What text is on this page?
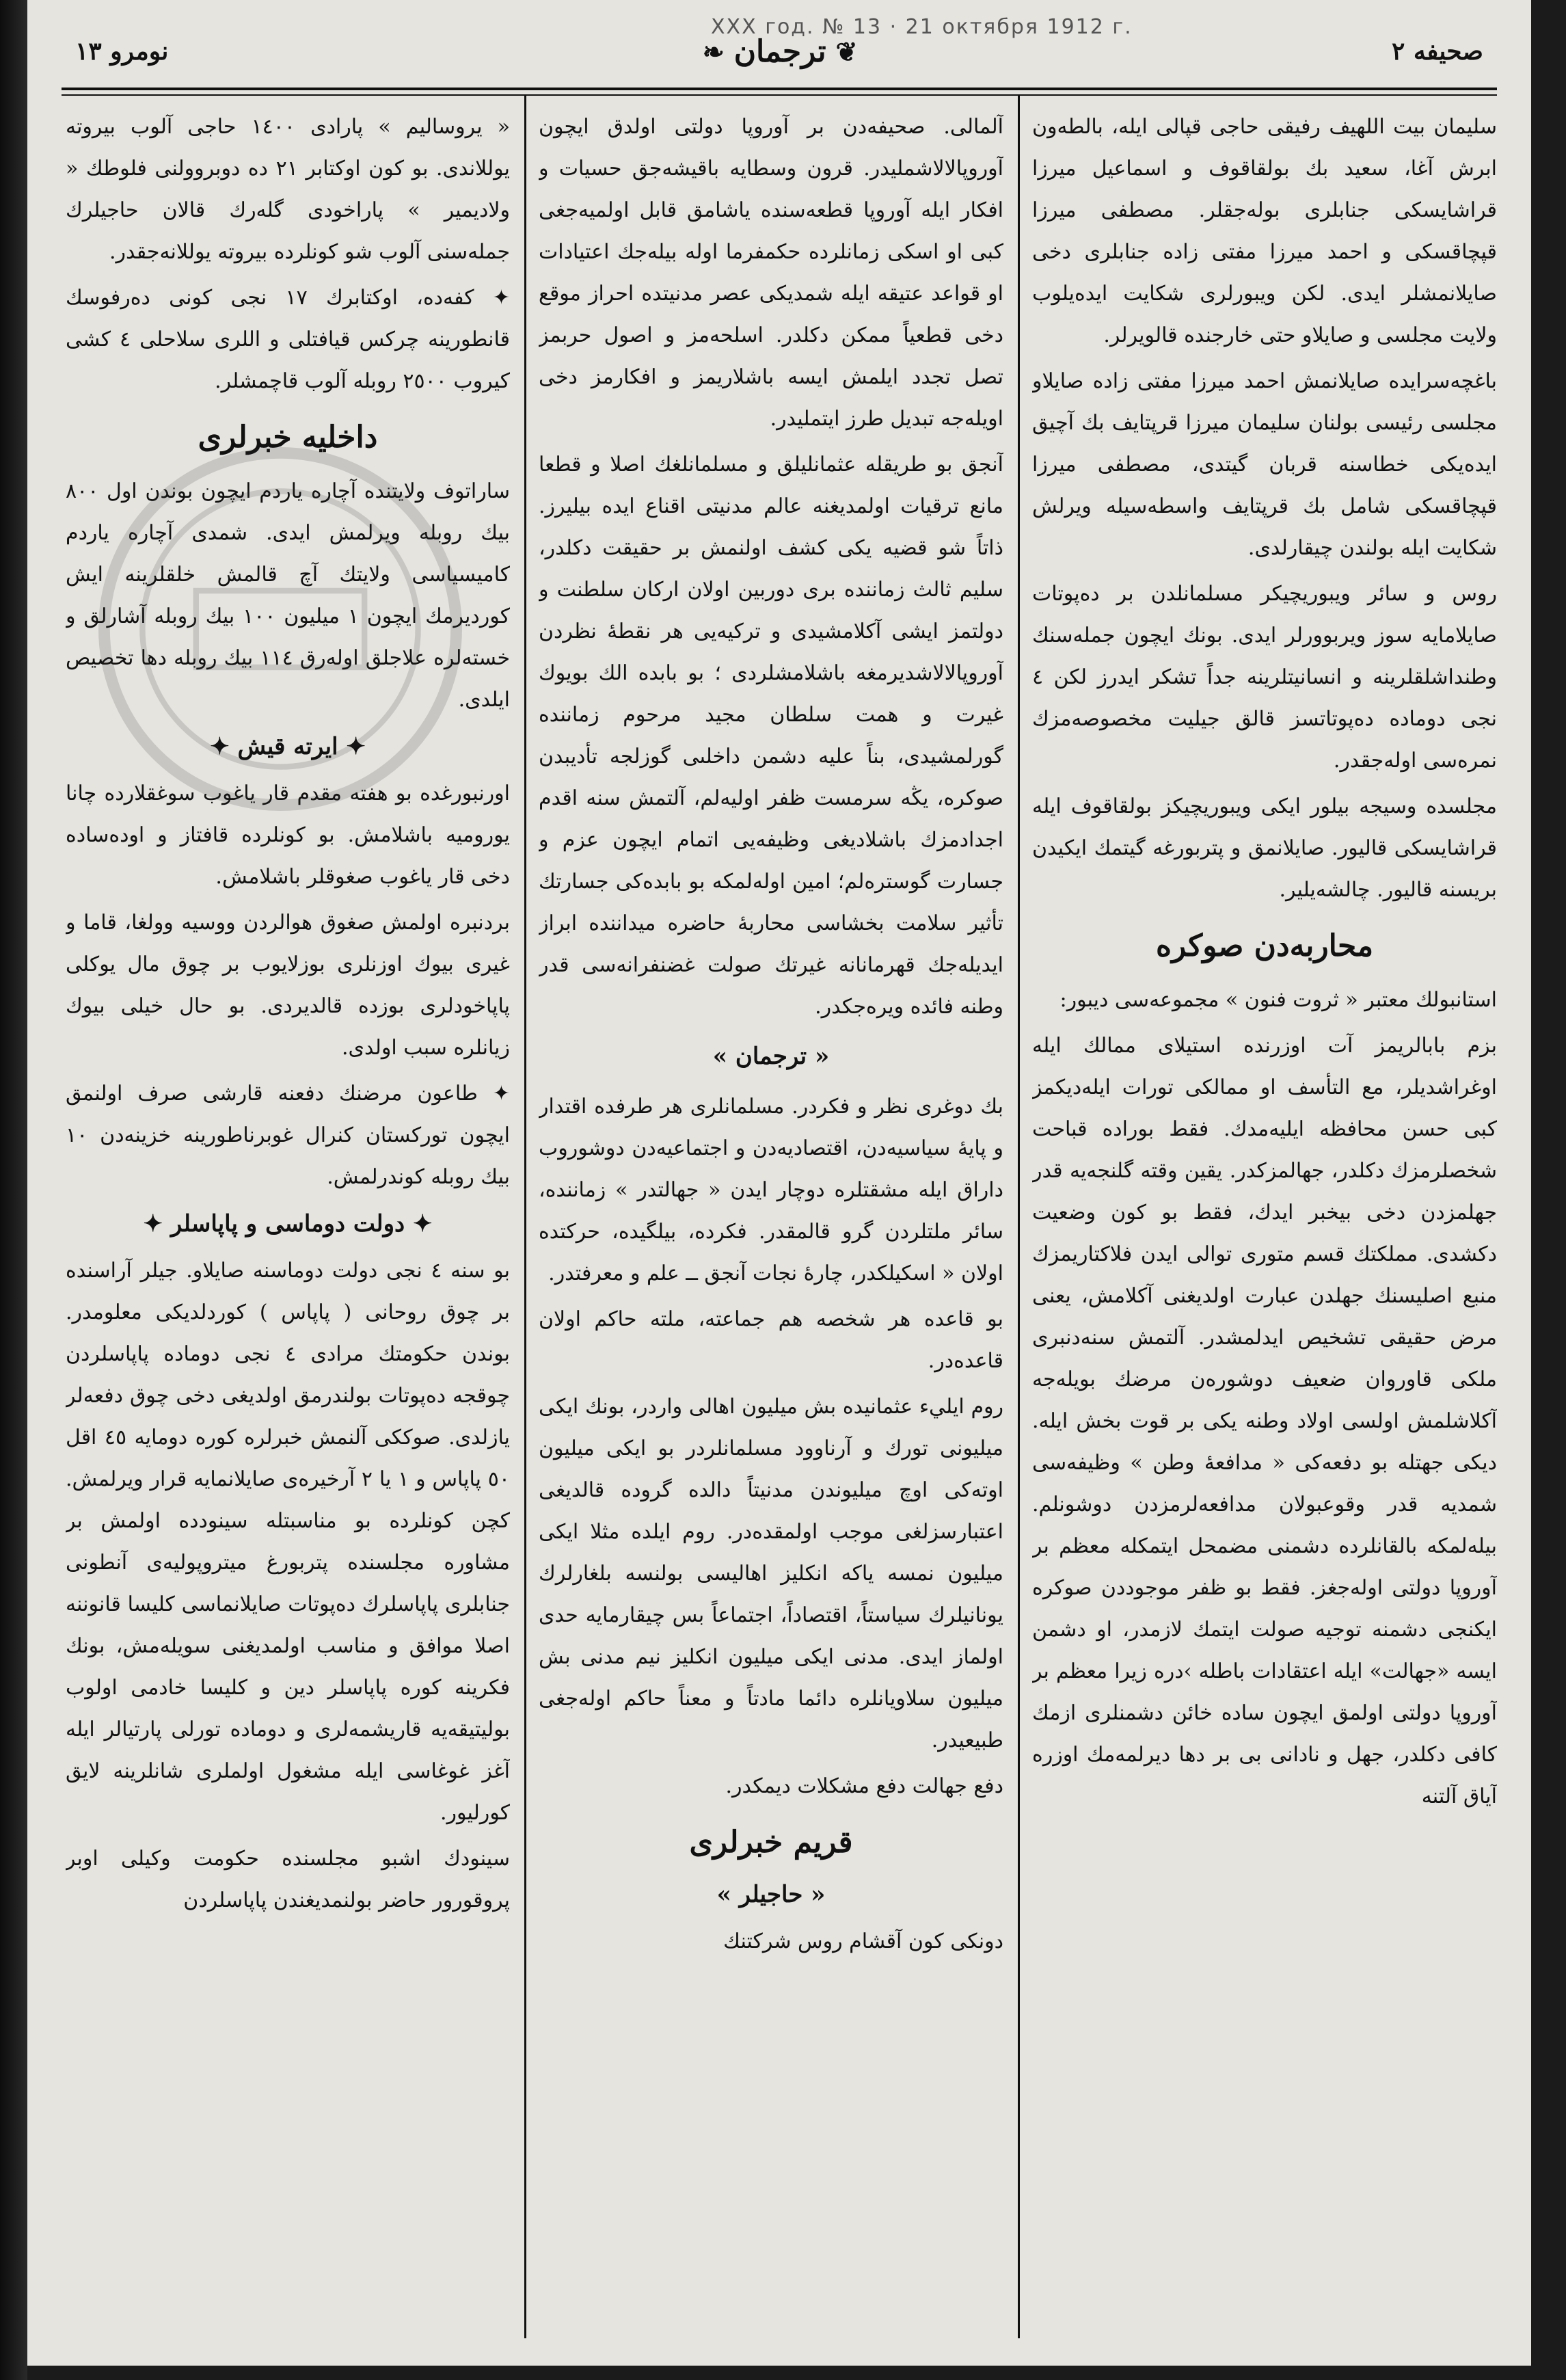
صحيفه ۲
❦
ترجمان
❧
نومرو ١٣
XXX год. № 13 · 21 октября 1912 г.
سليمان بيت اللهيف رفيقى حاجى قپالى ايله، بالطەون ابرش آغا، سعيد بك بولقاقوف و اسماعيل ميرزا قراشايسكى جنابلرى بولەجقلر. مصطفى ميرزا قپچاقسكى و احمد ميرزا مفتى زاده جنابلرى دخى صايلانمشلر ايدى. لكن ويبورلرى شكايت ايدەيلوب ولايت مجلسى و صايلاو حتى خارجندە قالويرلر.
باغچەسرايدە صايلانمش احمد ميرزا مفتى زاده صايلاو مجلسى رئيسى بولنان سليمان ميرزا قرپتايف بك آچيق ايدەيكى خطاسنە قربان گيتدى، مصطفى ميرزا قپچاقسكى شامل بك قرپتايف واسطەسيلە ويرلش شكايت ايلە بولندن چيقارلدى.
روس و سائر ويبوريچيكر مسلمانلدن بر دەپوتات صايلامايە سوز ويربوورلر ايدى. بونك ايچون جملەسنك وطنداشلقلرينە و انسانيتلرينە جداً تشكر ايدرز لكن ٤ نجى دومادە دەپوتاتسز قالق جيليت مخصوصەمزك نمرەسى اولەجقدر.
مجلسدە وسيجە بيلور ايكى ويبوريچيكز بولقاقوف ايلە قراشايسكى قاليور. صايلانمق و پتربورغە گيتمك ايكيدن بريسنە قاليور. چالشەيلير.
محاربەدن صوكره
استانبولك معتبر « ثروت فنون » مجموعەسى ديبور:
بزم بابالريمز آت اوزرندە استيلاى ممالك ايلە اوغراشديلر، مع التأسف او ممالكى تورات ايلەديكمز كبى حسن محافظە ايليەمدك. فقط بوراده قباحت شخصلرمزك دكلدر، جهالمزكدر. يقين وقتە گلنجەيە قدر جهلمزدن دخى بيخبر ايدك، فقط بو كون وضعيت دكشدى. مملكتك قسم متورى توالى ايدن فلاكتاريمزك منبع اصليسنك جهلدن عبارت اولديغنى آكلامش، يعنى مرض حقيقى تشخيص ايدلمشدر. آلتمش سنەدنبرى ملكى قاوروان ضعيف دوشورەن مرضك بويلەجە آكلاشلمش اولسى اولاد وطنە يكى بر قوت بخش ايلە. ديكى جهتلە بو دفعەكى « مدافعۀ وطن » وظيفەسى شمديە قدر وقوعبولان مدافعەلرمزدن دوشونلم. بيلەلمكە بالقانلردە دشمنى مضمحل ايتمكلە معظم بر آوروپا دولتى اولەجغز. فقط بو ظفر موجوددن صوكره ايكنجى دشمنە توجيە صولت ايتمك لازمدر، او دشمن ايسە «جهالت» ايلە اعتقادات باطلە ›درە زيرا معظم بر آوروپا دولتى اولمق ايچون سادە خائن دشمنلرى ازمك كافى دكلدر، جهل و نادانى بى بر دها ديرلمەمك اوزرە آياق آلتنە
آلمالى. صحيفەدن بر آوروپا دولتى اولدق ايچون آوروپالالاشمليدر. قرون وسطايە باقيشەجق حسيات و افكار ايلە آوروپا قطعەسندە ياشامق قابل اولميەجغى كبى او اسكى زمانلردە حكمفرما اولە بيلەجك اعتيادات او قواعد عتيقە ايلە شمديكى عصر مدنيتدە احراز موقع دخى قطعياً ممكن دكلدر. اسلحەمز و اصول حربمز تصل تجدد ايلمش ايسە باشلاريمز و افكارمز دخى اويلەجە تبديل طرز ايتمليدر.
آنجق بو طريقلە عثمانليلق و مسلمانلغك اصلا و قطعا مانع ترقيات اولمديغنە عالم مدنيتى اقناع ايدە بيليرز. ذاتاً شو قضيە يكى كشف اولنمش بر حقيقت دكلدر، سليم ثالث زماننده برى دوربين اولان اركان سلطنت و دولتمز ايشى آكلامشيدى و تركيەيى هر نقطۀ نظردن آوروپالالاشديرمغە باشلامشلردى ؛ بو بابدە الك بويوك غيرت و همت سلطان مجيد مرحوم زماننده گورلمشيدى، بناً عليە دشمن داخلىى گوزلجە تأديبدن صوكره، يڭە سرمست ظفر اوليەلم، آلتمش سنە اقدم اجدادمزك باشلاديغى وظيفەيى اتمام ايچون عزم و جسارت گوسترەلم؛ امين اولەلمكە بو بابدەكى جسارتك تأثير سلامت بخشاسى محاربۀ حاضره ميداننده ابراز ايديلەجك قهرمانانە غيرتك صولت غضنفرانەسى قدر وطنە فائدە ويرەجكدر.
« ترجمان »
بك دوغرى نظر و فكردر. مسلمانلرى هر طرفدە اقتدار و پايۀ سياسيەدن، اقتصاديەدن و اجتماعيەدن دوشوروب داراق ايلە مشقتلرە دوچار ايدن « جهالتدر » زماننده، سائر ملتلردن گرو قالمقدر. فكردە، بيلگيدە، حرکتدە اولان « اسكيلكدر، چارۀ نجات آنجق ــ علم و معرفتدر.
بو قاعدە هر شخصە هم جماعتە، ملتە حاكم اولان قاعدەدر.
روم ايليء عثمانيدە بش ميليون اهالى واردر، بونك ايكى ميليونى تورك و آرناوود مسلمانلردر بو ايكى ميليون اوتەكى اوچ ميليوندن مدنيتاً دالدە گروده قالديغى اعتبارسزلغى موجب اولمقدەدر. روم ايلدە مثلا ايكى ميليون نمسە ياكە انكليز اهاليسى بولنسە بلغارلرك يونانيلرك سياستاً، اقتصاداً، اجتماعاً بس چيقارمايە حدى اولماز ايدى. مدنى ايكى ميليون انكليز نيم مدنى بش ميليون سلاويانلرە دائما مادتاً و معناً حاكم اولەجغى طبيعيدر.
دفع جهالت دفع مشكلات ديمكدر.
قريم خبرلرى
« حاجيلر »
دونكى كون آقشام روس شركتنك
« يروساليم » پارادى ١٤٠٠ حاجى آلوب بيروتە يوللاندى. بو كون اوكتابر ٢١ دە دوبروولنى فلوطك « ولاديمير » پاراخودى گلەرك قالان حاجيلرك جملەسنى آلوب شو كونلردە بيروتە يوللانەجقدر.
✦ كفەدە، اوكتابرك ١٧ نجى كونى دەرفوسك قانطورينە چرکس قيافتلى و اللرى سلاحلى ٤ كشى كيروب ٢٥٠٠ روبلە آلوب قاچمشلر.
داخليە خبرلرى
ساراتوف ولايتندە آچارە ياردم ايچون بوندن اول ٨٠٠ بيك روبلە ويرلمش ايدى. شمدى آچارە ياردم كاميسياسى ولايتك آچ قالمش خلقلرينە ايش كورديرمك ايچون ١ ميليون ١٠٠ بيك روبلە آشارلق و خستەلرە علاجلق اولەرق ١١٤ بيك روبلە دها تخصيص ايلدى.
✦ ايرتە قيش ✦
اورنبورغدە بو هفتە مقدم قار ياغوب سوغقلاردە چانا يوروميە باشلامش. بو كونلردە قافتاز و اودەسادە دخى قار ياغوب صغوقلر باشلامش.
بردنبرە اولمش صغوق هوالردن ووسيە وولغا، قاما و غيرى بيوك اوزنلرى بوزلايوب بر چوق مال يوكلى پاپاخودلرى بوزده قالديردى. بو حال خيلى بيوك زيانلرە سبب اولدى.
✦ طاعون مرضنك دفعنە قارشى صرف اولنمق ايچون توركستان كنرال غوبرناطورينە خزينەدن ١٠ بيك روبلە كوندرلمش.
✦ دولت دوماسى و پاپاسلر ✦
بو سنە ٤ نجى دولت دوماسنە صايلاو. جيلر آراسندە بر چوق روحانى ( پاپاس ) كوردلديكى معلومدر. بوندن حکومتك مرادى ٤ نجى دومادە پاپاسلردن چوقجە دەپوتات بولندرمق اولديغى دخى چوق دفعەلر يازلدى. صوككى آلنمش خبرلرە كورە دومايە ٤٥ اقل ٥٠ پاپاس و ١ يا ٢ آرخيرەى صايلانمايە قرار ويرلمش. كچن كونلردە بو مناسبتلە سينوددە اولمش بر مشاورە مجلسندە پتربورغ ميتروپوليەى آنطونى جنابلرى پاپاسلرك دەپوتات صايلانماسى كليسا قانوننە اصلا موافق و مناسب اولمديغنى سويلەمش، بونك فكرينە كورە پاپاسلر دين و كليسا خادمى اولوب بوليتيقەيە قاريشمەلرى و دومادە تورلى پارتيالر ايلە آغز غوغاسى ايلە مشغول اولملرى شانلرينە لايق كورليور.
سينودك اشبو مجلسندە حکومت وكيلى اوبر پروقورور حاضر بولنمديغندن پاپاسلردن
